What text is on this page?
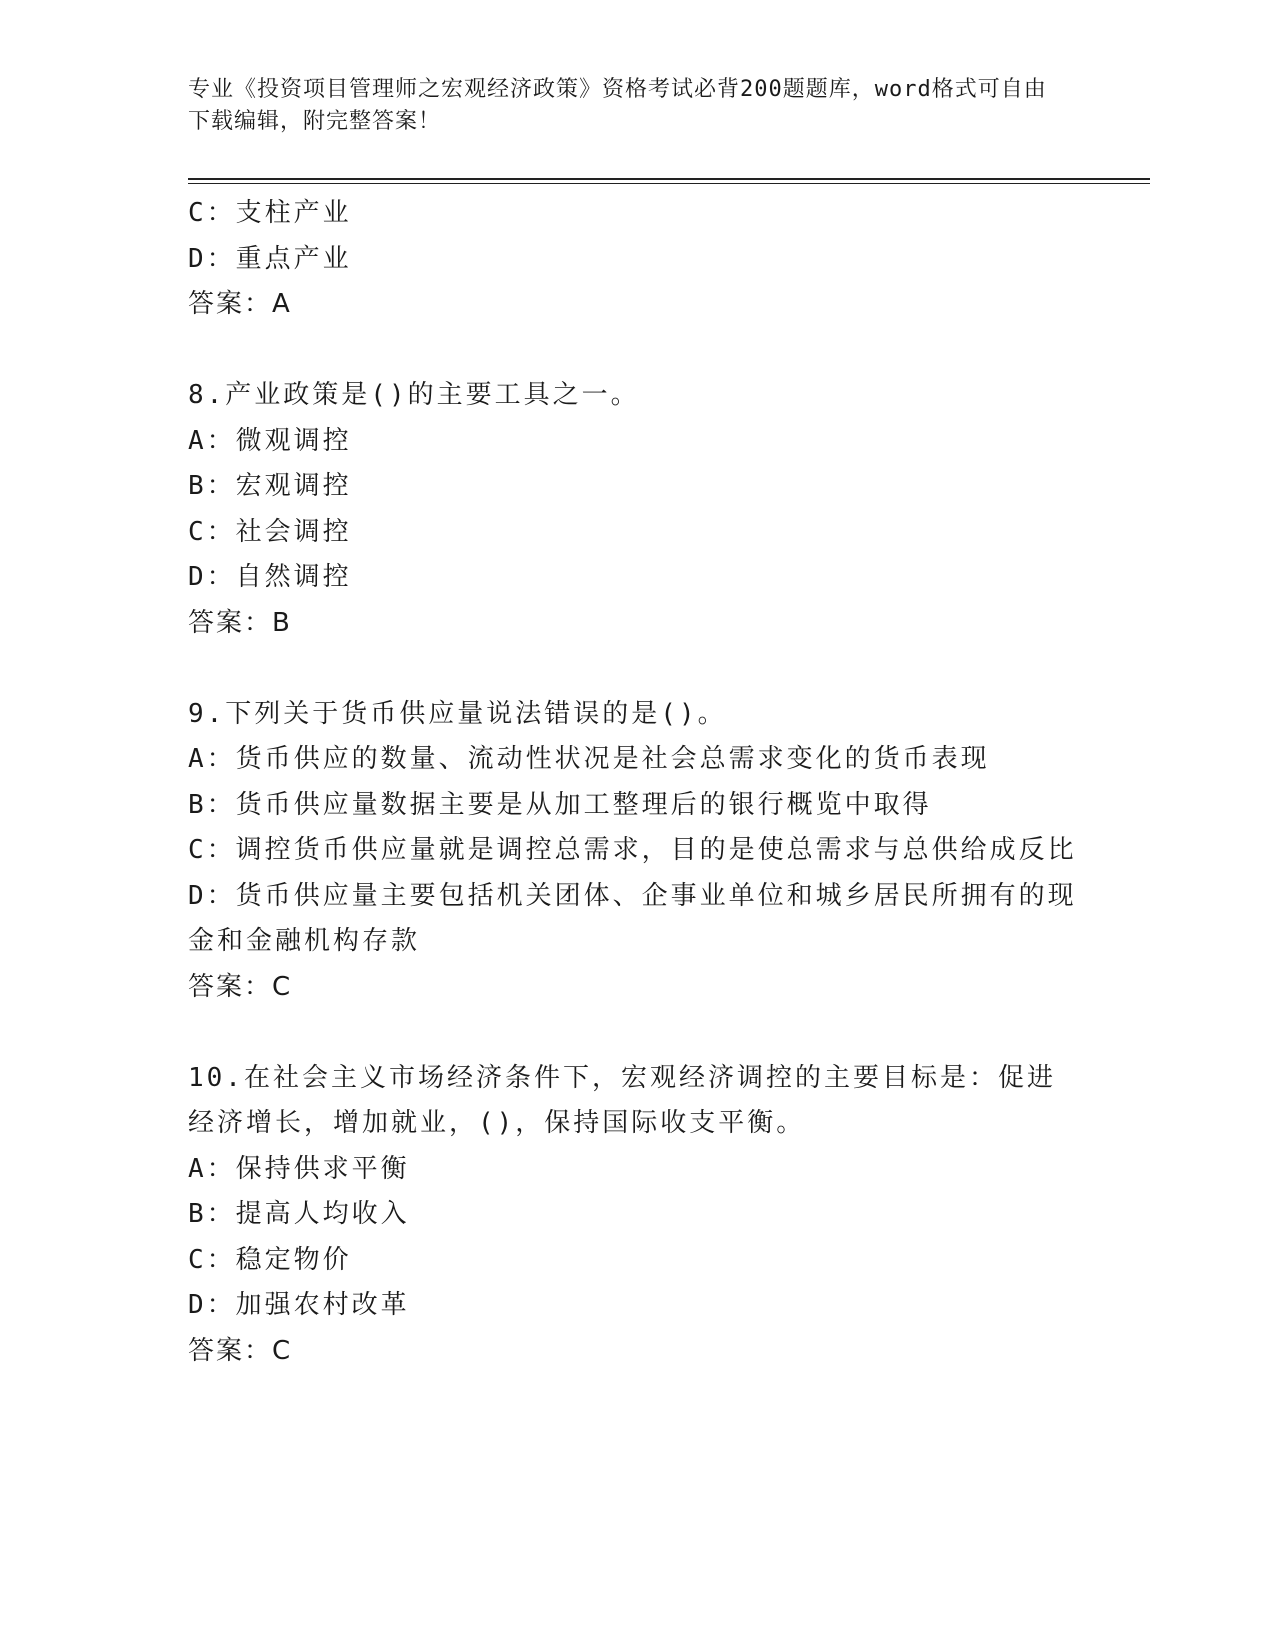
专业《投资项目管理师之宏观经济政策》资格考试必背200题题库，word格式可自由下载编辑，附完整答案！
C：支柱产业
D：重点产业
答案：A
8.产业政策是()的主要工具之一。
A：微观调控
B：宏观调控
C：社会调控
D：自然调控
答案：B
9.下列关于货币供应量说法错误的是()。
A：货币供应的数量、流动性状况是社会总需求变化的货币表现
B：货币供应量数据主要是从加工整理后的银行概览中取得
C：调控货币供应量就是调控总需求，目的是使总需求与总供给成反比
D：货币供应量主要包括机关团体、企事业单位和城乡居民所拥有的现金和金融机构存款
答案：C
10.在社会主义市场经济条件下，宏观经济调控的主要目标是：促进经济增长，增加就业，()，保持国际收支平衡。
A：保持供求平衡
B：提高人均收入
C：稳定物价
D：加强农村改革
答案：C
